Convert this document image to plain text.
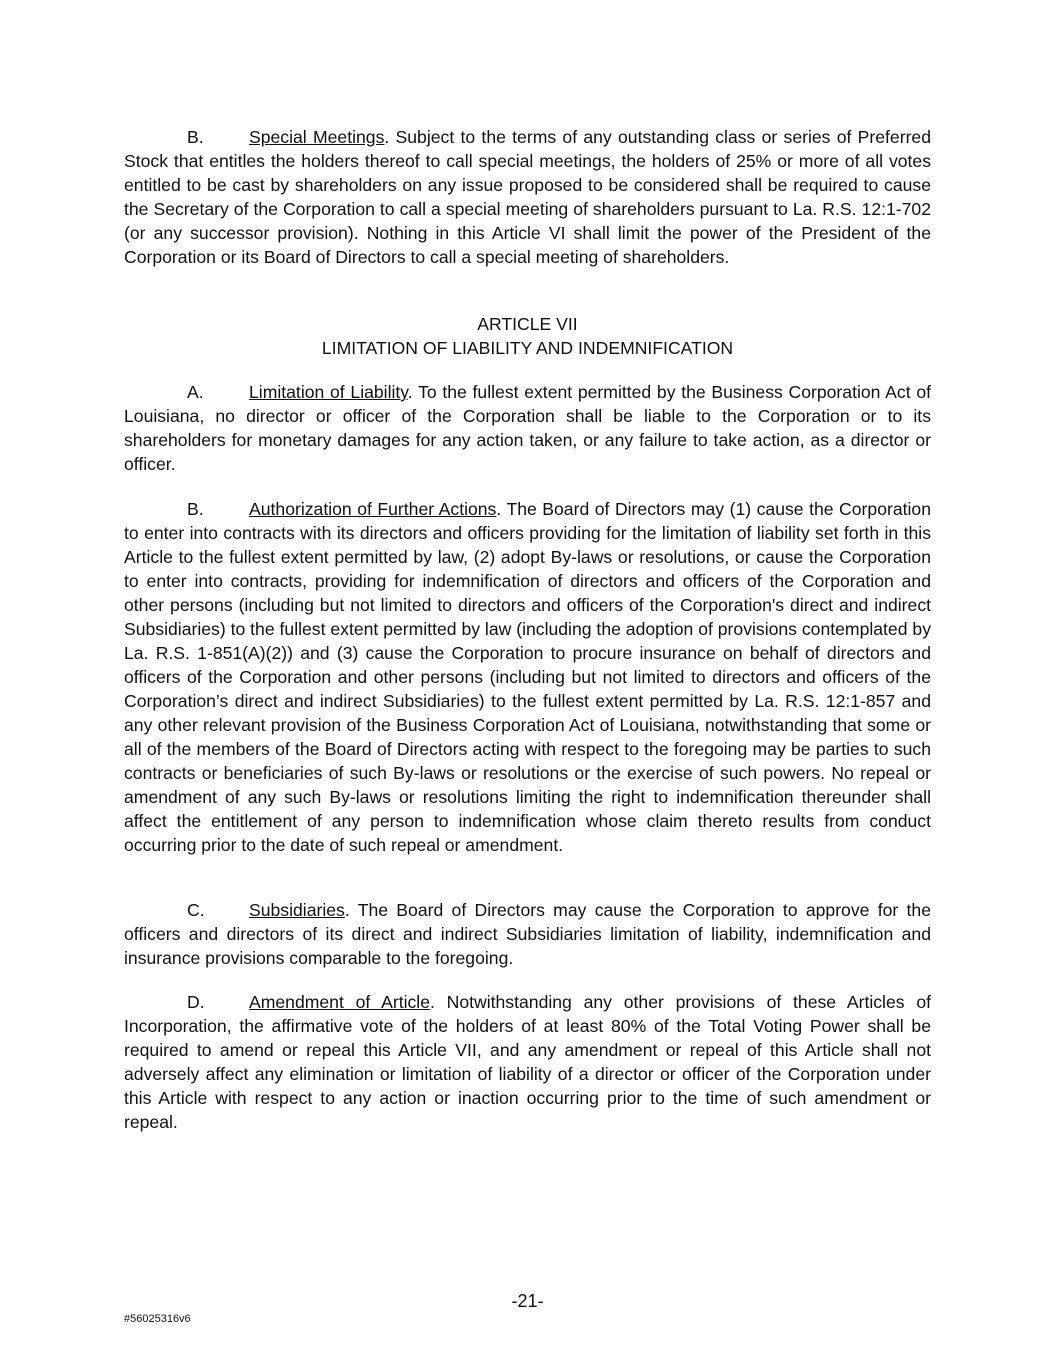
B.	Special Meetings. Subject to the terms of any outstanding class or series of Preferred Stock that entitles the holders thereof to call special meetings, the holders of 25% or more of all votes entitled to be cast by shareholders on any issue proposed to be considered shall be required to cause the Secretary of the Corporation to call a special meeting of shareholders pursuant to La. R.S. 12:1-702 (or any successor provision). Nothing in this Article VI shall limit the power of the President of the Corporation or its Board of Directors to call a special meeting of shareholders.

ARTICLE VII

LIMITATION OF LIABILITY AND INDEMNIFICATION

A.	Limitation of Liability. To the fullest extent permitted by the Business Corporation Act of Louisiana, no director or officer of the Corporation shall be liable to the Corporation or to its shareholders for monetary damages for any action taken, or any failure to take action, as a director or officer.

B.	Authorization of Further Actions. The Board of Directors may (1) cause the Corporation to enter into contracts with its directors and officers providing for the limitation of liability set forth in this Article to the fullest extent permitted by law, (2) adopt By-laws or resolutions, or cause the Corporation to enter into contracts, providing for indemnification of directors and officers of the Corporation and other persons (including but not limited to directors and officers of the Corporation's direct and indirect Subsidiaries) to the fullest extent permitted by law (including the adoption of provisions contemplated by La. R.S. 1-851(A)(2)) and (3) cause the Corporation to procure insurance on behalf of directors and officers of the Corporation and other persons (including but not limited to directors and officers of the Corporation’s direct and indirect Subsidiaries) to the fullest extent permitted by La. R.S. 12:1-857 and any other relevant provision of the Business Corporation Act of Louisiana, notwithstanding that some or all of the members of the Board of Directors acting with respect to the foregoing may be parties to such contracts or beneficiaries of such By-laws or resolutions or the exercise of such powers. No repeal or amendment of any such By-laws or resolutions limiting the right to indemnification thereunder shall affect the entitlement of any person to indemnification whose claim thereto results from conduct occurring prior to the date of such repeal or amendment.

C.	Subsidiaries. The Board of Directors may cause the Corporation to approve for the officers and directors of its direct and indirect Subsidiaries limitation of liability, indemnification and insurance provisions comparable to the foregoing.

D.	Amendment of Article. Notwithstanding any other provisions of these Articles of Incorporation, the affirmative vote of the holders of at least 80% of the Total Voting Power shall be required to amend or repeal this Article VII, and any amendment or repeal of this Article shall not adversely affect any elimination or limitation of liability of a director or officer of the Corporation under this Article with respect to any action or inaction occurring prior to the time of such amendment or repeal.

-21-
#56025316v6
